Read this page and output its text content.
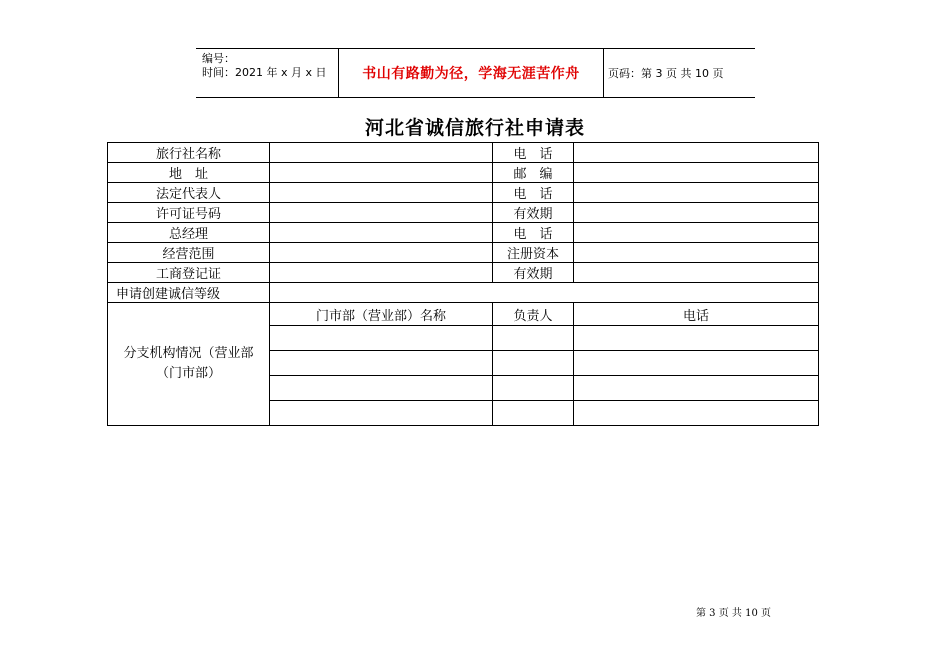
编号：
时间：2021 年 x 月 x 日	书山有路勤为径，学海无涯苦作舟	页码：第 3 页 共 10 页
河北省诚信旅行社申请表
旅行社名称		电　话	
地　址		邮　编	
法定代表人		电　话	
许可证号码		有效期	
总经理		电　话	
经营范围		注册资本	
工商登记证		有效期	
申请创建诚信等级			
分支机构情况（营业部（门市部）	门市部（营业部）名称	负责人	电话

第 3 页 共 10 页
